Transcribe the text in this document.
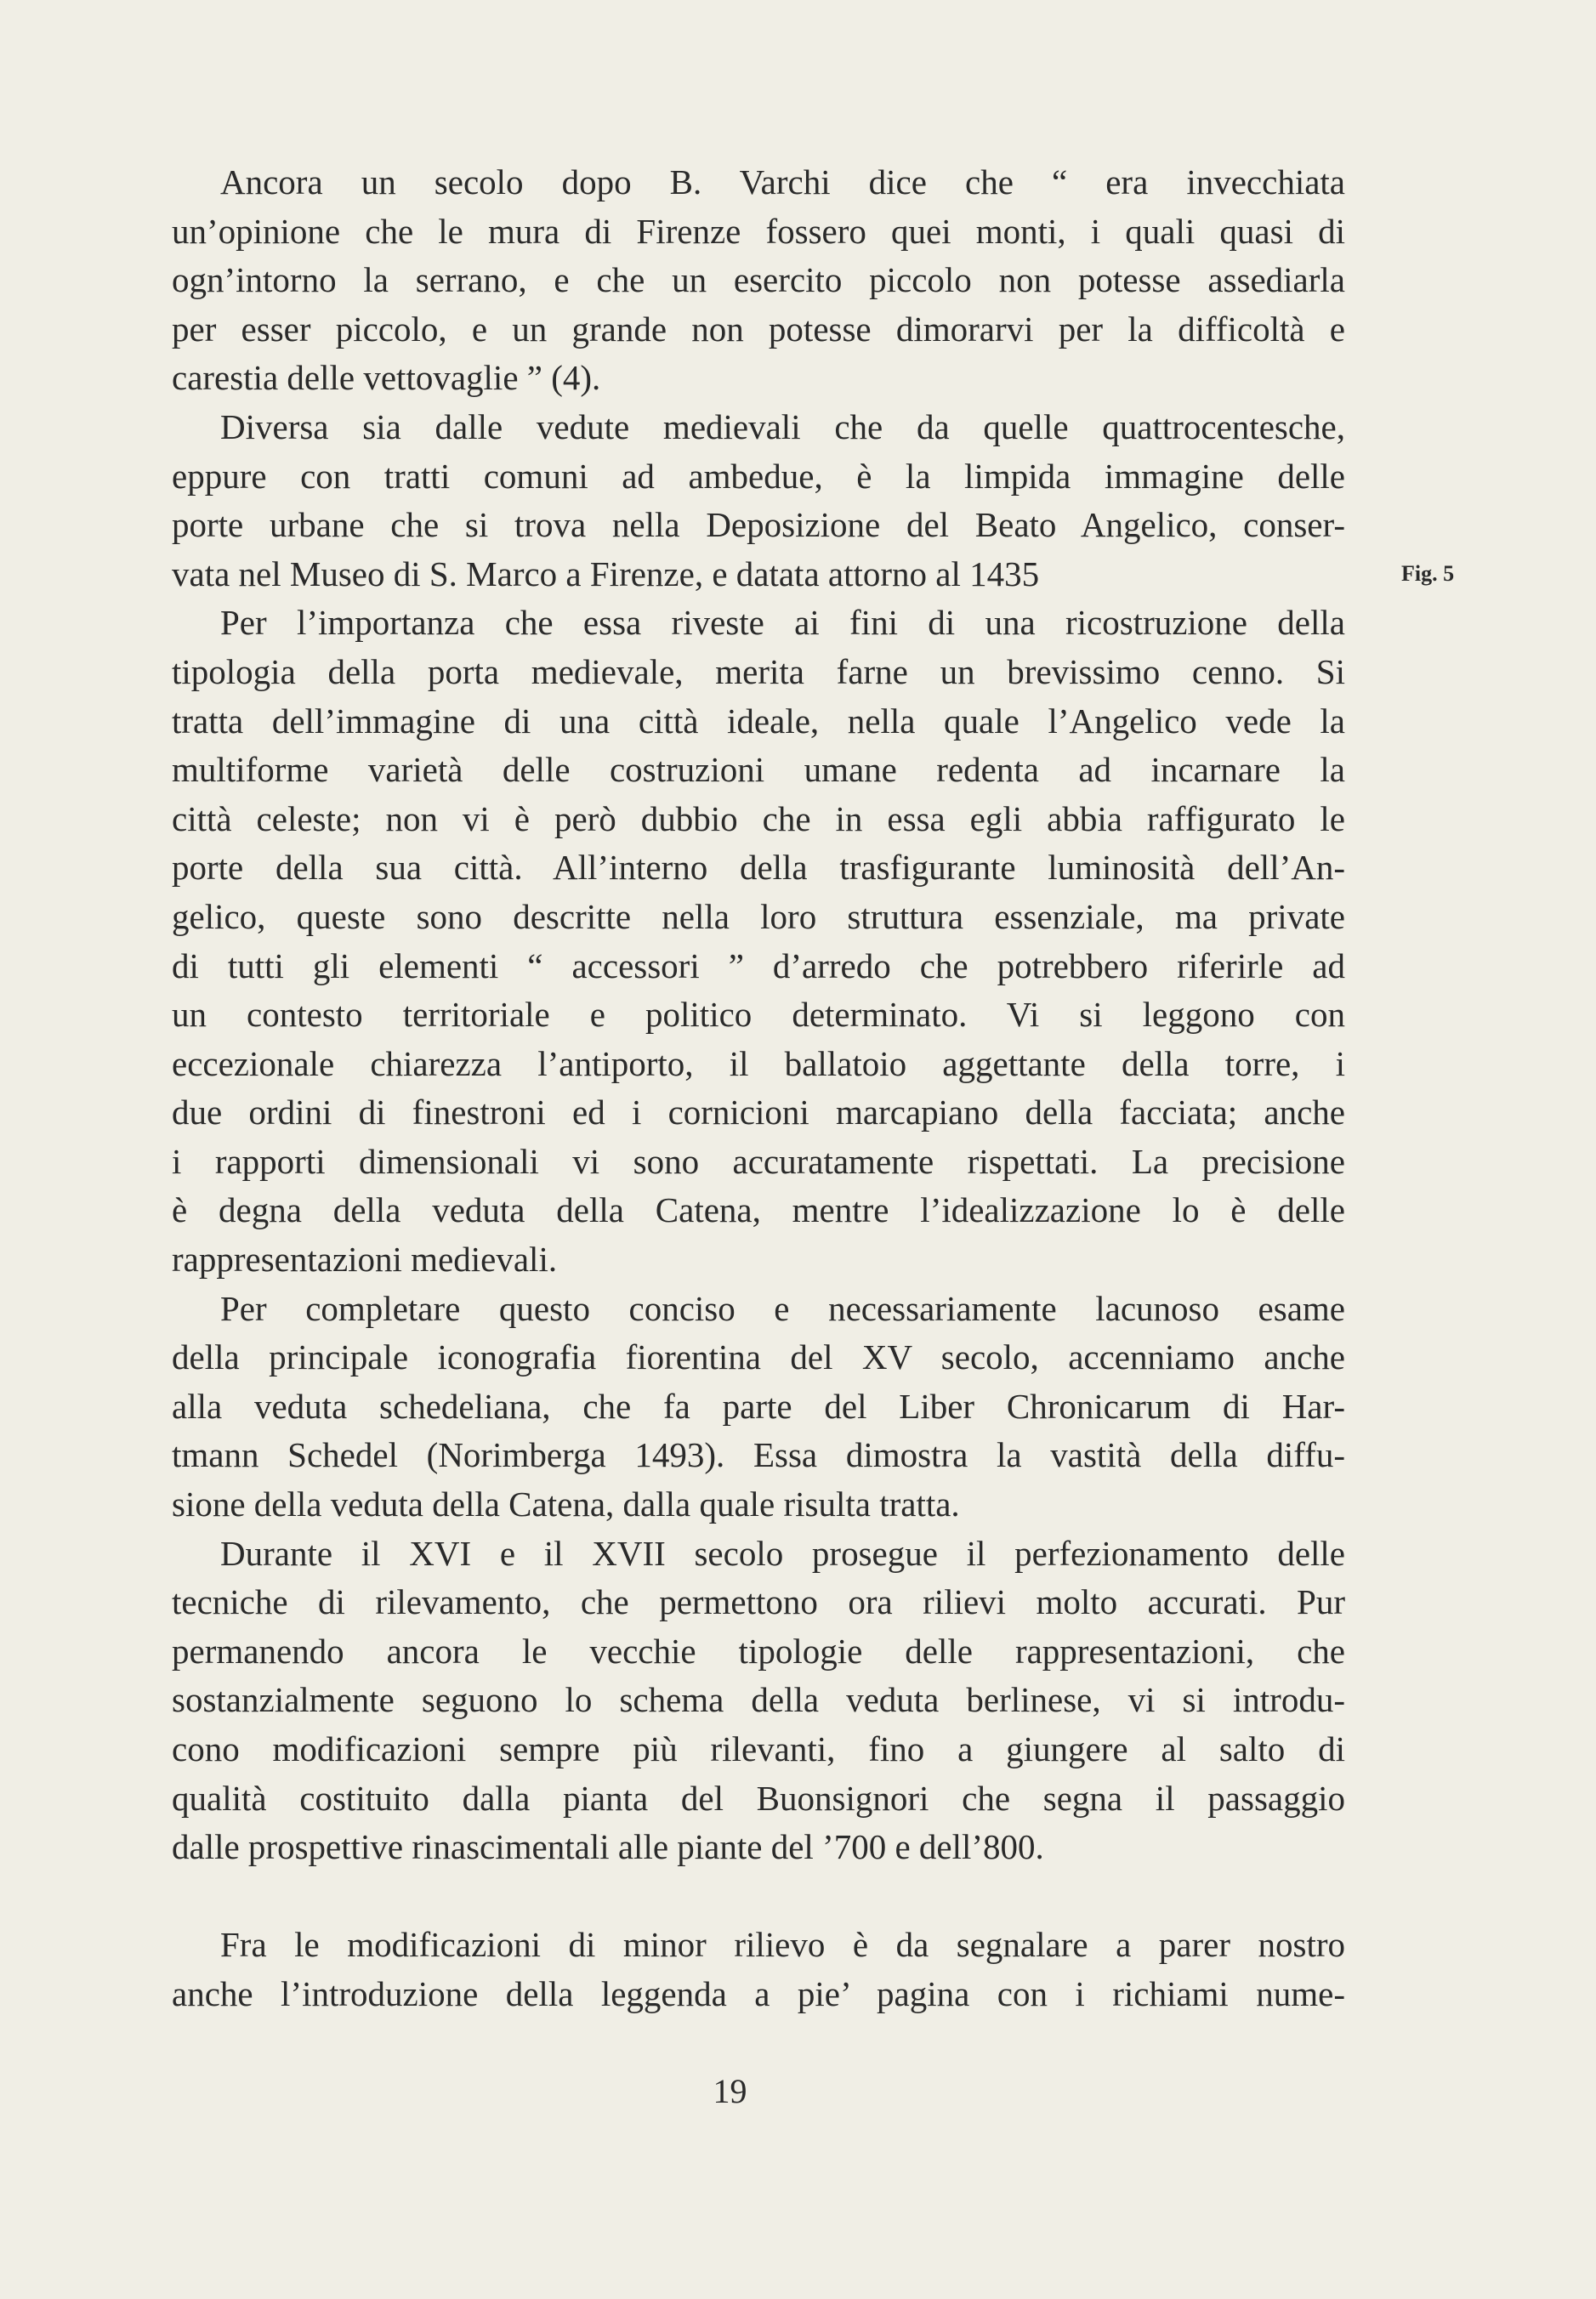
Ancora un secolo dopo B. Varchi dice che “ era invecchiata
un’opinione che le mura di Firenze fossero quei monti, i quali quasi di
ogn’intorno la serrano, e che un esercito piccolo non potesse assediarla
per esser piccolo, e un grande non potesse dimorarvi per la difficoltà e
carestia delle vettovaglie ” (4).
Diversa sia dalle vedute medievali che da quelle quattrocentesche,
eppure con tratti comuni ad ambedue, è la limpida immagine delle
porte urbane che si trova nella Deposizione del Beato Angelico, conser-
vata nel Museo di S. Marco a Firenze, e datata attorno al 1435
Per l’importanza che essa riveste ai fini di una ricostruzione della
tipologia della porta medievale, merita farne un brevissimo cenno. Si
tratta dell’immagine di una città ideale, nella quale l’Angelico vede la
multiforme varietà delle costruzioni umane redenta ad incarnare la
città celeste; non vi è però dubbio che in essa egli abbia raffigurato le
porte della sua città. All’interno della trasfigurante luminosità dell’An-
gelico, queste sono descritte nella loro struttura essenziale, ma private
di tutti gli elementi “ accessori ” d’arredo che potrebbero riferirle ad
un contesto territoriale e politico determinato. Vi si leggono con
eccezionale chiarezza l’antiporto, il ballatoio aggettante della torre, i
due ordini di finestroni ed i cornicioni marcapiano della facciata; anche
i rapporti dimensionali vi sono accuratamente rispettati. La precisione
è degna della veduta della Catena, mentre l’idealizzazione lo è delle
rappresentazioni medievali.
Per completare questo conciso e necessariamente lacunoso esame
della principale iconografia fiorentina del XV secolo, accenniamo anche
alla veduta schedeliana, che fa parte del Liber Chronicarum di Har-
tmann Schedel (Norimberga 1493). Essa dimostra la vastità della diffu-
sione della veduta della Catena, dalla quale risulta tratta.
Durante il XVI e il XVII secolo prosegue il perfezionamento delle
tecniche di rilevamento, che permettono ora rilievi molto accurati. Pur
permanendo ancora le vecchie tipologie delle rappresentazioni, che
sostanzialmente seguono lo schema della veduta berlinese, vi si introdu-
cono modificazioni sempre più rilevanti, fino a giungere al salto di
qualità costituito dalla pianta del Buonsignori che segna il passaggio
dalle prospettive rinascimentali alle piante del ’700 e dell’800.
Fra le modificazioni di minor rilievo è da segnalare a parer nostro
anche l’introduzione della leggenda a pie’ pagina con i richiami nume-
Fig. 5
19
